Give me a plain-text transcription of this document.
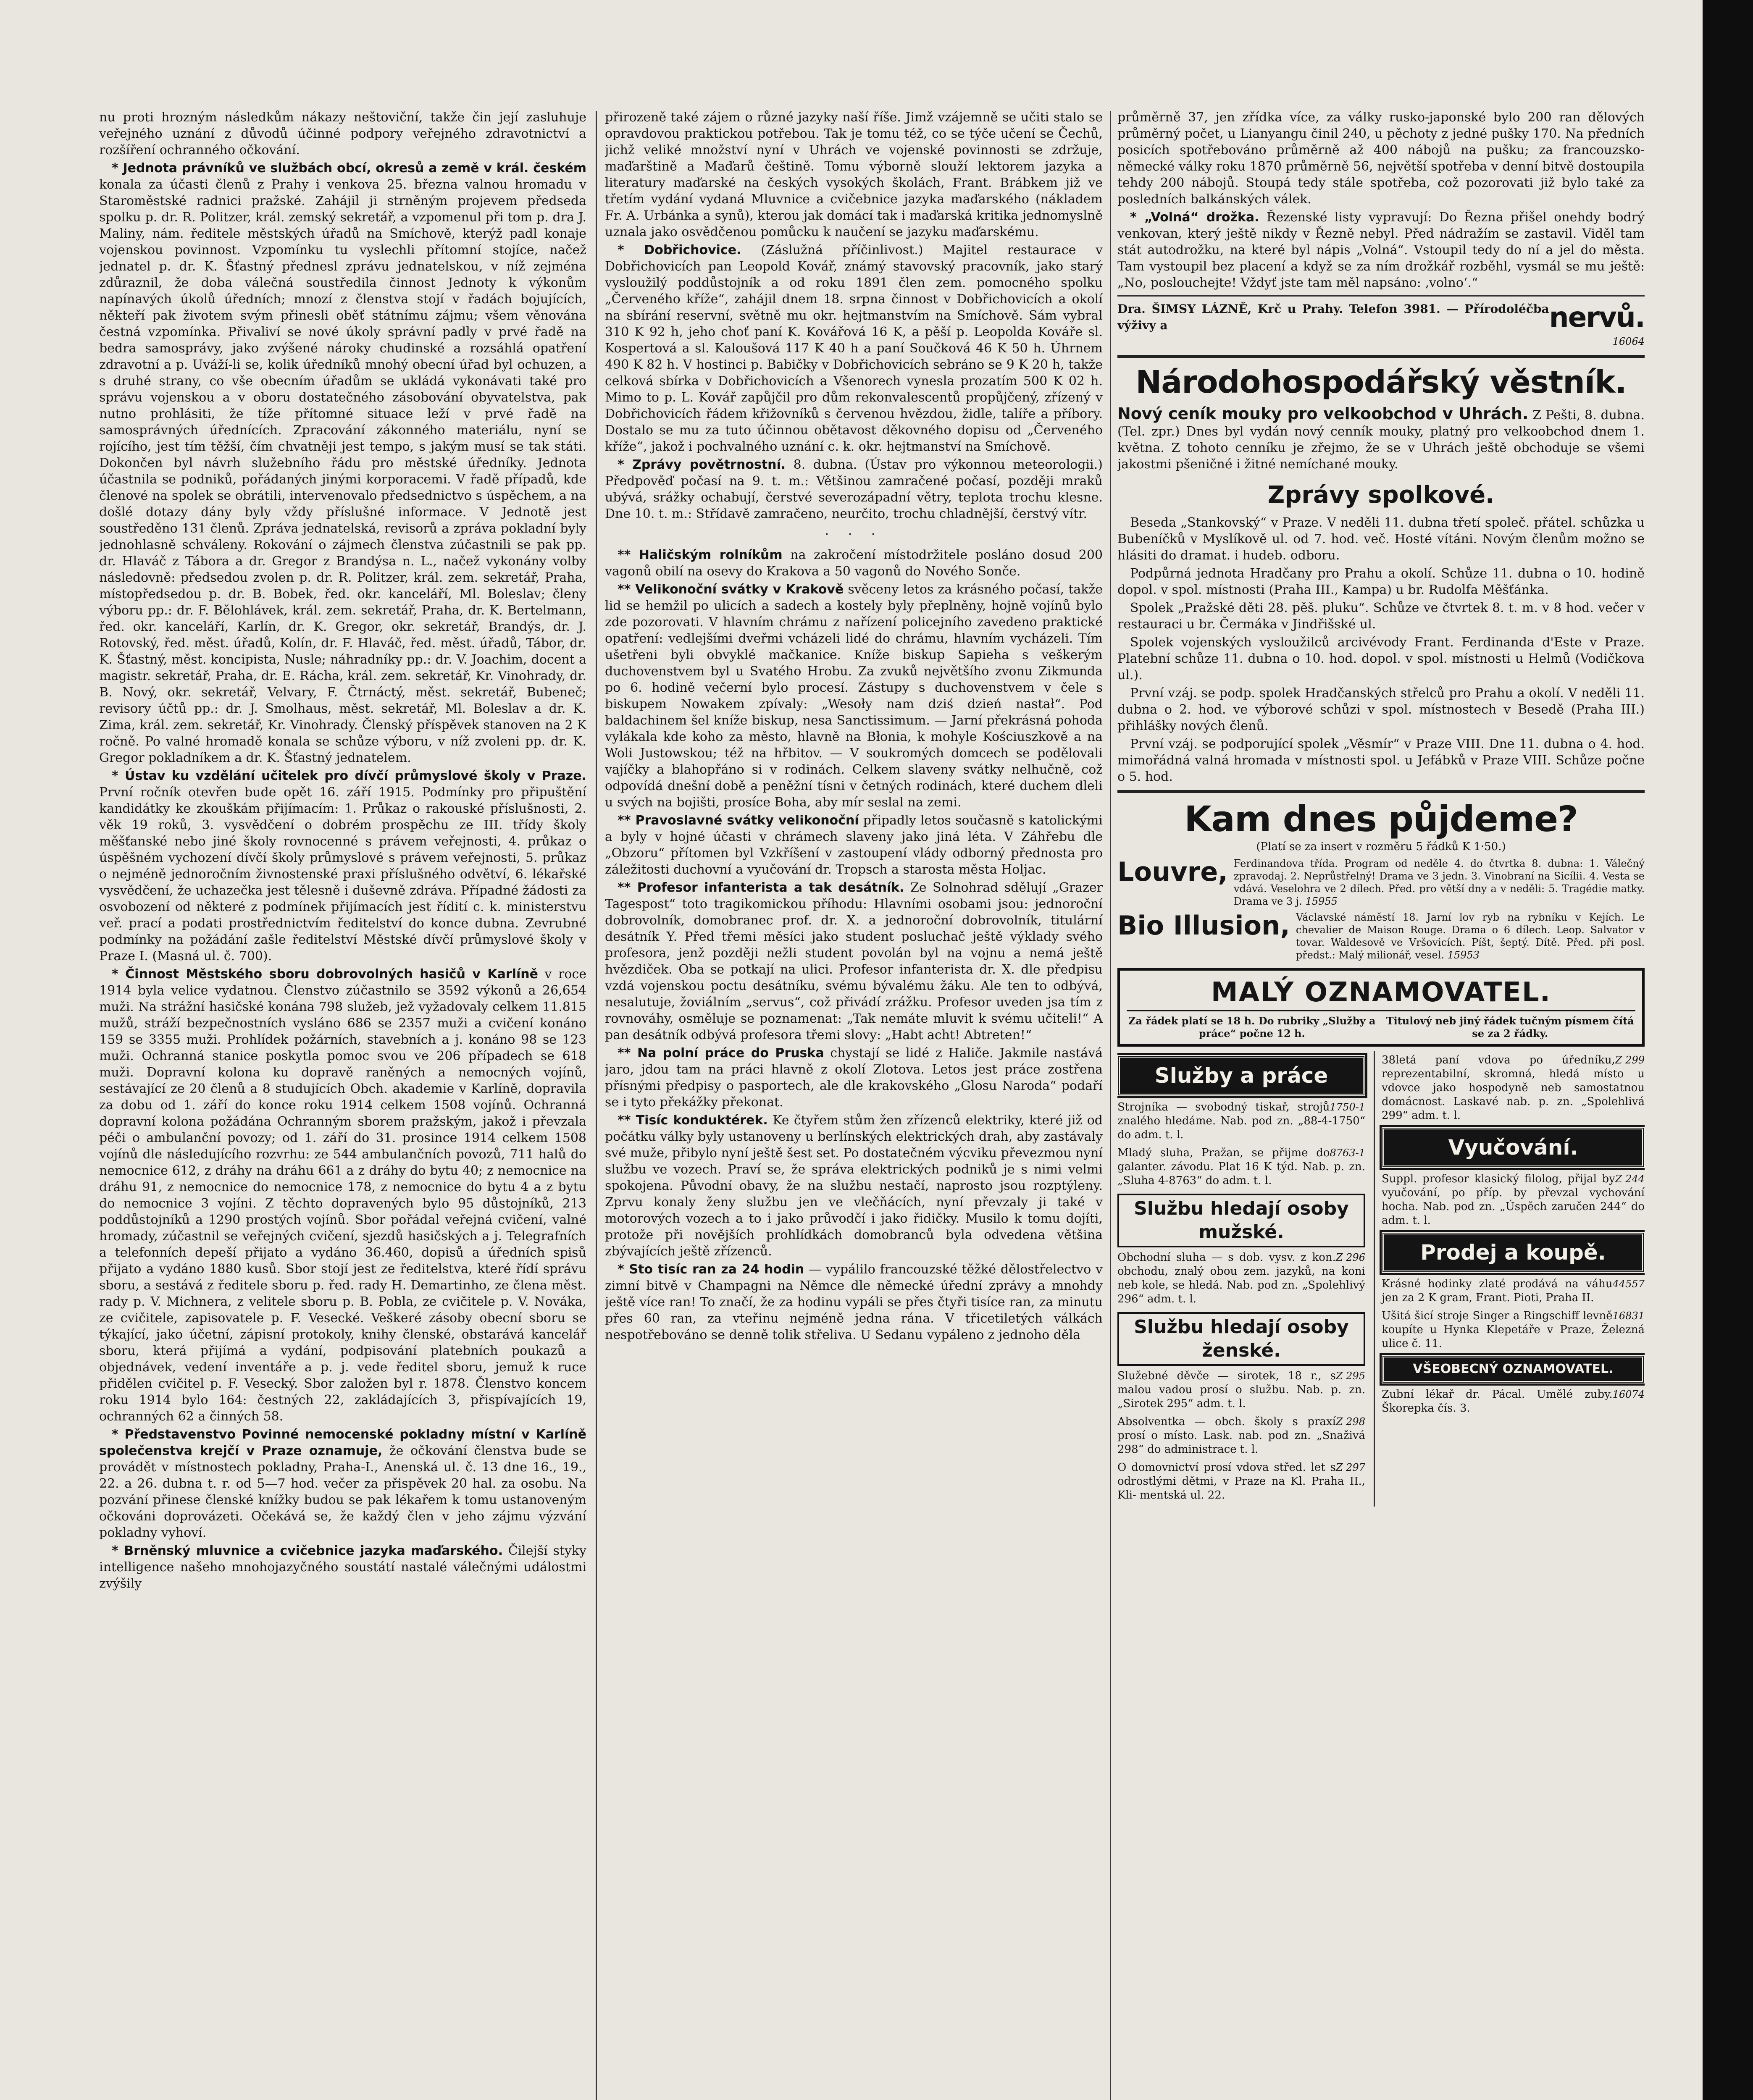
nu proti hrozným následkům nákazy neštoviční, takže čin její zasluhuje veřejného uznání z důvodů účinné podpory veřejného zdravotnictví a rozšíření ochranného očkování.

* Jednota právníků ve službách obcí, okresů a země v král. českém konala za účasti členů z Prahy i venkova 25. března valnou hromadu v Staroměstské radnici pražské. Zahájil ji strněným projevem předseda spolku p. dr. R. Politzer, král. zemský sekretář, a vzpomenul při tom p. dra J. Maliny, nám. ředitele městských úřadů na Smíchově, kterýž padl konaje vojenskou povinnost. Vzpomínku tu vyslechli přítomní stojíce, načež jednatel p. dr. K. Šťastný přednesl zprávu jednatelskou, v níž zejména zdůraznil, že doba válečná soustředila činnost Jednoty k výkonům napínavých úkolů úředních; mnozí z členstva stojí v řadách bojujících, někteří pak životem svým přinesli oběť státnímu zájmu; všem věnována čestná vzpomínka. Přivaliví se nové úkoly správní padly v prvé řadě na bedra samosprávy, jako zvýšené nároky chudinské a rozsáhlá opatření zdravotní a p. Uváží-li se, kolik úředníků mnohý obecní úřad byl ochuzen, a s druhé strany, co vše obecním úřadům se ukládá vykonávati také pro správu vojenskou a v oboru dostatečného zásobování obyvatelstva, pak nutno prohlásiti, že tíže přítomné situace leží v prvé řadě na samosprávných úřednících. Zpracování zákonného materiálu, nyní se rojícího, jest tím těžší, čím chvatněji jest tempo, s jakým musí se tak státi. Dokončen byl návrh služebního řádu pro městské úředníky. Jednota účastnila se podniků, pořádaných jinými korporacemi. V řadě případů, kde členové na spolek se obrátili, intervenovalo předsednictvo s úspěchem, a na došlé dotazy dány byly vždy příslušné informace. V Jednotě jest soustředěno 131 členů. Zpráva jednatelská, revisorů a zpráva pokladní byly jednohlasně schváleny. Rokování o zájmech členstva zúčastnili se pak pp. dr. Hlaváč z Tábora a dr. Gregor z Brandýsa n. L., načež vykonány volby následovně: předsedou zvolen p. dr. R. Politzer, král. zem. sekretář, Praha, místopředsedou p. dr. B. Bobek, řed. okr. kanceláří, Ml. Boleslav; členy výboru pp.: dr. F. Bělohlávek, král. zem. sekretář, Praha, dr. K. Bertelmann, řed. okr. kanceláří, Karlín, dr. K. Gregor, okr. sekretář, Brandýs, dr. J. Rotovský, řed. měst. úřadů, Kolín, dr. F. Hlaváč, řed. měst. úřadů, Tábor, dr. K. Šťastný, měst. koncipista, Nusle; náhradníky pp.: dr. V. Joachim, docent a magistr. sekretář, Praha, dr. E. Rácha, král. zem. sekretář, Kr. Vinohrady, dr. B. Nový, okr. sekretář, Velvary, F. Čtrnáctý, měst. sekretář, Bubeneč; revisory účtů pp.: dr. J. Smolhaus, měst. sekretář, Ml. Boleslav a dr. K. Zima, král. zem. sekretář, Kr. Vinohrady. Členský příspěvek stanoven na 2 K ročně. Po valné hromadě konala se schůze výboru, v níž zvoleni pp. dr. K. Gregor pokladníkem a dr. K. Šťastný jednatelem.

* Ústav ku vzdělání učitelek pro dívčí průmyslové školy v Praze. První ročník otevřen bude opět 16. září 1915. Podmínky pro připuštění kandidátky ke zkouškám přijímacím: 1. Průkaz o rakouské příslušnosti, 2. věk 19 roků, 3. vysvědčení o dobrém prospěchu ze III. třídy školy měšťanské nebo jiné školy rovnocenné s právem veřejnosti, 4. průkaz o úspěšném vychození dívčí školy průmyslové s právem veřejnosti, 5. průkaz o nejméně jednoročním živnostenské praxi příslušného odvětví, 6. lékařské vysvědčení, že uchazečka jest tělesně i duševně zdráva. Případné žádosti za osvobození od některé z podmínek přijímacích jest řídití c. k. ministerstvu veř. prací a podati prostřednictvím ředitelství do konce dubna. Zevrubné podmínky na požádání zašle ředitelství Městské dívčí průmyslové školy v Praze I. (Masná ul. č. 700).

* Činnost Městského sboru dobrovolných hasičů v Karlíně v roce 1914 byla velice vydatnou. Členstvo zúčastnilo se 3592 výkonů a 26,654 muži. Na strážní hasičské konána 798 služeb, jež vyžadovaly celkem 11.815 mužů, stráží bezpečnostních vysláno 686 se 2357 muži a cvičení konáno 159 se 3355 muži. Prohlídek požárních, stavebních a j. konáno 98 se 123 muži. Ochranná stanice poskytla pomoc svou ve 206 případech se 618 muži. Dopravní kolona ku dopravě raněných a nemocných vojínů, sestávající ze 20 členů a 8 studujících Obch. akademie v Karlíně, dopravila za dobu od 1. září do konce roku 1914 celkem 1508 vojínů. Ochranná dopravní kolona požádána Ochranným sborem pražským, jakož i převzala péči o ambulanční povozy; od 1. září do 31. prosince 1914 celkem 1508 vojínů dle následujícího rozvrhu: ze 544 ambulančních povozů, 711 halů do nemocnice 612, z dráhy na dráhu 661 a z dráhy do bytu 40; z nemocnice na dráhu 91, z nemocnice do nemocnice 178, z nemocnice do bytu 4 a z bytu do nemocnice 3 vojíni. Z těchto dopravených bylo 95 důstojníků, 213 poddůstojníků a 1290 prostých vojínů. Sbor pořádal veřejná cvičení, valné hromady, zúčastnil se veřejných cvičení, sjezdů hasičských a j. Telegrafních a telefonních depeší přijato a vydáno 36.460, dopisů a úředních spisů přijato a vydáno 1880 kusů. Sbor stojí jest ze ředitelstva, které řídí správu sboru, a sestává z ředitele sboru p. řed. rady H. Demartinho, ze člena měst. rady p. V. Michnera, z velitele sboru p. B. Pobla, ze cvičitele p. V. Nováka, ze cvičitele, zapisovatele p. F. Vesecké. Veškeré zásoby obecní sboru se týkající, jako účetní, zápisní protokoly, knihy členské, obstarává kancelář sboru, která přijímá a vydání, podpisování platebních poukazů a objednávek, vedení inventáře a p. j. vede ředitel sboru, jemuž k ruce přidělen cvičitel p. F. Vesecký. Sbor založen byl r. 1878. Členstvo koncem roku 1914 bylo 164: čestných 22, zakládajících 3, přispívajících 19, ochranných 62 a činných 58.

* Představenstvo Povinné nemocenské pokladny místní v Karlíně společenstva krejčí v Praze oznamuje, že očkování členstva bude se provádět v místnostech pokladny, Praha-I., Anenská ul. č. 13 dne 16., 19., 22. a 26. dubna t. r. od 5—7 hod. večer za přispěvek 20 hal. za osobu. Na pozvání přinese členské knížky budou se pak lékařem k tomu ustanoveným očkováni doprovázeti. Očekává se, že každý člen v jeho zájmu výzvání pokladny vyhoví.

* Brněnský mluvnice a cvičebnice jazyka maďarského. Čilejší styky intelligence našeho mnohojazyčného soustátí nastalé válečnými událostmi zvýšily

přirozeně také zájem o různé jazyky naší říše. Jimž vzájemně se učiti stalo se opravdovou praktickou potřebou. Tak je tomu též, co se týče učení se Čechů, jichž veliké množství nyní v Uhrách ve vojenské povinnosti se zdržuje, maďarštině a Maďarů češtině. Tomu výborně slouží lektorem jazyka a literatury maďarské na českých vysokých školách, Frant. Brábkem již ve třetím vydání vydaná Mluvnice a cvičebnice jazyka maďarského (nákladem Fr. A. Urbánka a synů), kterou jak domácí tak i maďarská kritika jednomyslně uznala jako osvědčenou pomůcku k naučení se jazyku maďarskému.

* Dobřichovice. (Záslužná příčinlivost.) Majitel restaurace v Dobřichovicích pan Leopold Kovář, známý stavovský pracovník, jako starý vysloužilý poddůstojník a od roku 1891 člen zem. pomocného spolku „Červeného kříže“, zahájil dnem 18. srpna činnost v Dobřichovicích a okolí na sbírání reservní, světně mu okr. hejtmanstvím na Smíchově. Sám vybral 310 K 92 h, jeho choť paní K. Kovářová 16 K, a pěší p. Leopolda Kováře sl. Kospertová a sl. Kaloušová 117 K 40 h a paní Součková 46 K 50 h. Úhrnem 490 K 82 h. V hostinci p. Babičky v Dobřichovicích sebráno se 9 K 20 h, takže celková sbírka v Dobřichovicích a Všenorech vynesla prozatím 500 K 02 h. Mimo to p. L. Kovář zapůjčil pro dům rekonvalescentů propůjčený, zřízený v Dobřichovicích řádem křižovníků s červenou hvězdou, židle, talíře a příbory. Dostalo se mu za tuto účinnou obětavost děkovného dopisu od „Červeného kříže“, jakož i pochvalného uznání c. k. okr. hejtmanství na Smíchově.

* Zprávy povětrnostní. 8. dubna. (Ústav pro výkonnou meteorologii.) Předpověď počasí na 9. t. m.: Většinou zamračené počasí, později mraků ubývá, srážky ochabují, čerstvé severozápadní větry, teplota trochu klesne. Dne 10. t. m.: Střídavě zamračeno, neurčito, trochu chladnější, čerstvý vítr.

· · ·

** Haličským rolníkům na zakročení místodržitele posláno dosud 200 vagonů obilí na osevy do Krakova a 50 vagonů do Nového Sonče.

** Velikonoční svátky v Krakově svěceny letos za krásného počasí, takže lid se hemžil po ulicích a sadech a kostely byly přeplněny, hojně vojínů bylo zde pozorovati. V hlavním chrámu z nařízení policejního zavedeno praktické opatření: vedlejšími dveřmi vcházeli lidé do chrámu, hlavním vycházeli. Tím ušetřeni byli obvyklé mačkanice. Kníže biskup Sapieha s veškerým duchovenstvem byl u Svatého Hrobu. Za zvuků největšího zvonu Zikmunda po 6. hodině večerní bylo procesí. Zástupy s duchovenstvem v čele s biskupem Nowakem zpívaly: „Wesoły nam dziś dzień nastał“. Pod baldachinem šel kníže biskup, nesa Sanctissimum. — Jarní překrásná pohoda vylákala kde koho za město, hlavně na Błonia, k mohyle Kościuszkově a na Woli Justowskou; též na hřbitov. — V soukromých domcech se podělovali vajíčky a blahopřáno si v rodinách. Celkem slaveny svátky nelhučně, což odpovídá dnešní době a peněžní tísni v četných rodinách, které duchem dleli u svých na bojišti, prosíce Boha, aby mír seslal na zemi.

** Pravoslavné svátky velikonoční připadly letos současně s katolickými a byly v hojné účasti v chrámech slaveny jako jiná léta. V Záhřebu dle „Obzoru“ přítomen byl Vzkříšení v zastoupení vlády odborný přednosta pro záležitosti duchovní a vyučování dr. Tropsch a starosta města Holjac.

** Profesor infanterista a tak desátník. Ze Solnohrad sdělují „Grazer Tagespost“ toto tragikomickou příhodu: Hlavními osobami jsou: jednoroční dobrovolník, domobranec prof. dr. X. a jednoroční dobrovolník, titulární desátník Y. Před třemi měsíci jako student posluchač ještě výklady svého profesora, jenž později nežli student povolán byl na vojnu a nemá ještě hvězdiček. Oba se potkají na ulici. Profesor infanterista dr. X. dle předpisu vzdá vojenskou poctu desátníku, svému bývalému žáku. Ale ten to odbývá, nesalutuje, žoviálním „servus“, což přivádí zrážku. Profesor uveden jsa tím z rovnováhy, osměluje se poznamenat: „Tak nemáte mluvit k svému učiteli!“ A pan desátník odbývá profesora třemi slovy: „Habt acht! Abtreten!“

** Na polní práce do Pruska chystají se lidé z Haliče. Jakmile nastává jaro, jdou tam na práci hlavně z okolí Zlotova. Letos jest práce zostřena přísnými předpisy o pasportech, ale dle krakovského „Glosu Naroda“ podaří se i tyto překážky překonat.

** Tisíc konduktérek. Ke čtyřem stům žen zřízenců elektriky, které již od počátku války byly ustanoveny u berlínských elektrických drah, aby zastávaly své muže, přibylo nyní ještě šest set. Po dostatečném výcviku převezmou nyní službu ve vozech. Praví se, že správa elektrických podniků je s nimi velmi spokojena. Původní obavy, že na službu nestačí, naprosto jsou rozptýleny. Zprvu konaly ženy službu jen ve vlečňácích, nyní převzaly ji také v motorových vozech a to i jako průvodčí i jako řidičky. Musilo k tomu dojíti, protože při novějších prohlídkách domobranců byla odvedena většina zbývajících ještě zřízenců.

* Sto tisíc ran za 24 hodin — vypálilo francouzské těžké dělostřelectvo v zimní bitvě v Champagni na Němce dle německé úřední zprávy a mnohdy ještě více ran! To značí, že za hodinu vypáli se přes čtyři tisíce ran, za minutu přes 60 ran, za vteřinu nejméně jedna rána. V třicetiletých válkách nespotřebováno se denně tolik střeliva. U Sedanu vypáleno z jednoho děla

průměrně 37, jen zřídka více, za války rusko-japonské bylo 200 ran dělových průměrný počet, u Lianyangu činil 240, u pěchoty z jedné pušky 170. Na předních posicích spotřebováno průměrně až 400 nábojů na pušku; za francouzsko-německé války roku 1870 průměrně 56, největší spotřeba v denní bitvě dostoupila tehdy 200 nábojů. Stoupá tedy stále spotřeba, což pozorovati již bylo také za posledních balkánských válek.

* „Volná“ drožka. Řezenské listy vypravují: Do Řezna přišel onehdy bodrý venkovan, který ještě nikdy v Řezně nebyl. Před nádražím se zastavil. Viděl tam stát autodrožku, na které byl nápis „Volná“. Vstoupil tedy do ní a jel do města. Tam vystoupil bez placení a když se za ním drožkář rozběhl, vysmál se mu ještě: „No, poslouchejte! Vždyť jste tam měl napsáno: ‚volno‘.“

Dra. ŠIMSY LÁZNĚ, Krč u Prahy. Telefon 3981. — Přírodoléčba výživy a	nervů.
16064
Národohospodářský věstník.

Nový ceník mouky pro velkoobchod v Uhrách. Z Pešti, 8. dubna. (Tel. zpr.) Dnes byl vydán nový cenník mouky, platný pro velkoobchod dnem 1. května. Z tohoto cenníku je zřejmo, že se v Uhrách ještě obchoduje se všemi jakostmi pšeničné i žitné nemíchané mouky.

Zprávy spolkové.

Beseda „Stankovský“ v Praze. V neděli 11. dubna třetí společ. přátel. schůzka u Bubeníčků v Myslíkově ul. od 7. hod. več. Hosté vítáni. Novým členům možno se hlásiti do dramat. i hudeb. odboru.

Podpůrná jednota Hradčany pro Prahu a okolí. Schůze 11. dubna o 10. hodině dopol. v spol. místnosti (Praha III., Kampa) u br. Rudolfa Měšťánka.

Spolek „Pražské děti 28. pěš. pluku“. Schůze ve čtvrtek 8. t. m. v 8 hod. večer v restauraci u br. Čermáka v Jindřišské ul.

Spolek vojenských vysloužilců arcivévody Frant. Ferdinanda d'Este v Praze. Platební schůze 11. dubna o 10. hod. dopol. v spol. místnosti u Helmů (Vodičkova ul.).

První vzáj. se podp. spolek Hradčanských střelců pro Prahu a okolí. V neděli 11. dubna o 2. hod. ve výborové schůzi v spol. místnostech v Besedě (Praha III.) přihlášky nových členů.

První vzáj. se podporující spolek „Věsmír“ v Praze VIII. Dne 11. dubna o 4. hod. mimořádná valná hromada v místnosti spol. u Jefábků v Praze VIII. Schůze počne o 5. hod.

Kam dnes půjdeme?
(Platí se za insert v rozměru 5 řádků K 1·50.)
Louvre, Ferdinandova třída. Program od neděle 4. do čtvrtka 8. dubna: 1. Válečný zpravodaj. 2. Neprůstřelný! Drama ve 3 jedn. 3. Vinobraní na Sicílii. 4. Vesta se vdává. Veselohra ve 2 dílech. Před. pro větší dny a v neděli: 5. Tragédie matky. Drama ve 3 j. 15955
Bio Illusion, Václavské náměstí 18. Jarní lov ryb na rybníku v Kejích. Le chevalier de Maison Rouge. Drama o 6 dílech. Leop. Salvator v tovar. Waldesově ve Vršovicích. Píšt, šeptý. Dítě. Před. při posl. předst.: Malý milionář, vesel. 15953
MALÝ OZNAMOVATEL.
Za řádek platí se 18 h. Do rubriky „Služby a práce“ počne 12 h.
Titulový neb jiný řádek tučným písmem čítá se za 2 řádky.
Služby a práce
1750-1
Strojníka — svobodný tiskař, strojů znalého hledáme. Nab. pod zn. „88-4-1750“ do adm. t. l.
8763-1
Mladý sluha, Pražan, se přijme do galanter. závodu. Plat 16 K týd. Nab. p. zn. „Sluha 4-8763“ do adm. t. l.
Službu hledají osoby mužské.
Z 296
Obchodní sluha — s dob. vysv. z kon. obchodu, znalý obou zem. jazyků, na koni neb kole, se hledá. Nab. pod zn. „Spolehlivý 296“ adm. t. l.
Službu hledají osoby ženské.
Z 295
Služebné děvče — sirotek, 18 r., s malou vadou prosí o službu. Nab. p. zn. „Sirotek 295“ adm. t. l.
Z 298
Absolventka — obch. školy s praxí prosí o místo. Lask. nab. pod zn. „Snaživá 298“ do administrace t. l.
Z 297
O domovnictví prosí vdova střed. let s odrostlými dětmi, v Praze na Kl. Praha II., Kli- mentská ul. 22.
Z 299
38letá paní vdova po úředníku, reprezentabilní, skromná, hledá místo u vdovce jako hospodyně neb samostatnou domácnost. Laskavé nab. p. zn. „Spolehlivá 299“ adm. t. l.
Vyučování.
Z 244
Suppl. profesor klasický filolog, přijal by vyučování, po příp. by převzal vychování hocha. Nab. pod zn. „Úspěch zaručen 244“ do adm. t. l.
Prodej a koupě.
44557
Krásné hodinky zlaté prodává na váhu jen za 2 K gram, Frant. Pioti, Praha II.
16831
Ušitá šicí stroje Singer a Ringschiff levně koupíte u Hynka Klepetáře v Praze, Železná ulice č. 11.
VŠEOBECNÝ OZNAMOVATEL.
16074
Zubní lékař dr. Pácal. Umělé zuby. Škorepka čís. 3.
